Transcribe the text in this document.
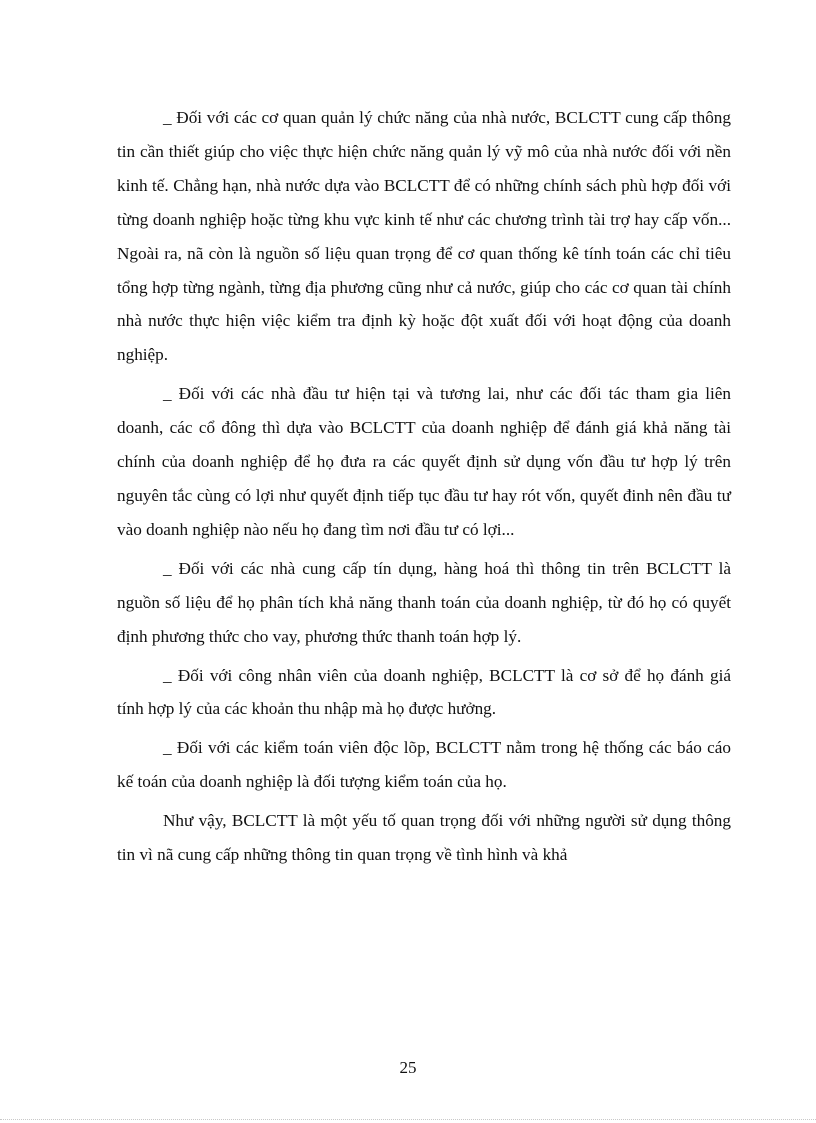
_ Đối với các cơ quan quản lý chức năng của nhà nước, BCLCTT cung cấp thông tin cần thiết giúp cho việc thực hiện chức năng quản lý vỹ mô của nhà nước đối với nền kinh tế. Chẳng hạn, nhà nước dựa vào BCLCTT để có những chính sách phù hợp đối với từng doanh nghiệp hoặc từng khu vực kinh tế như các chương trình tài trợ hay cấp vốn... Ngoài ra, nã còn là nguồn số liệu quan trọng để cơ quan thống kê tính toán các chỉ tiêu tổng hợp từng ngành, từng địa phương cũng như cả nước, giúp cho các cơ quan tài chính nhà nước thực hiện việc kiểm tra định kỳ hoặc đột xuất đối với hoạt động của doanh nghiệp.

_ Đối với các nhà đầu tư hiện tại và tương lai, như các đối tác tham gia liên doanh, các cổ đông thì dựa vào BCLCTT của doanh nghiệp để đánh giá khả năng tài chính của doanh nghiệp để họ đưa ra các quyết định sử dụng vốn đầu tư hợp lý trên nguyên tắc cùng có lợi như quyết định tiếp tục đầu tư hay rót vốn, quyết đinh nên đầu tư vào doanh nghiệp nào nếu họ đang tìm nơi đầu tư có lợi...

_ Đối với các nhà cung cấp tín dụng, hàng hoá thì thông tin trên BCLCTT là nguồn số liệu để họ phân tích khả năng thanh toán của doanh nghiệp, từ đó họ có quyết định phương thức cho vay, phương thức thanh toán hợp lý.

_ Đối với công nhân viên của doanh nghiệp, BCLCTT là cơ sở để họ đánh giá tính hợp lý của các khoản thu nhập mà họ được hưởng.

_ Đối với các kiểm toán viên độc lõp, BCLCTT nằm trong hệ thống các báo cáo kế toán của doanh nghiệp là đối tượng kiểm toán của họ.

Như vậy, BCLCTT là một yếu tố quan trọng đối với những người sử dụng thông tin vì nã cung cấp những thông tin quan trọng về tình hình và khả

25
